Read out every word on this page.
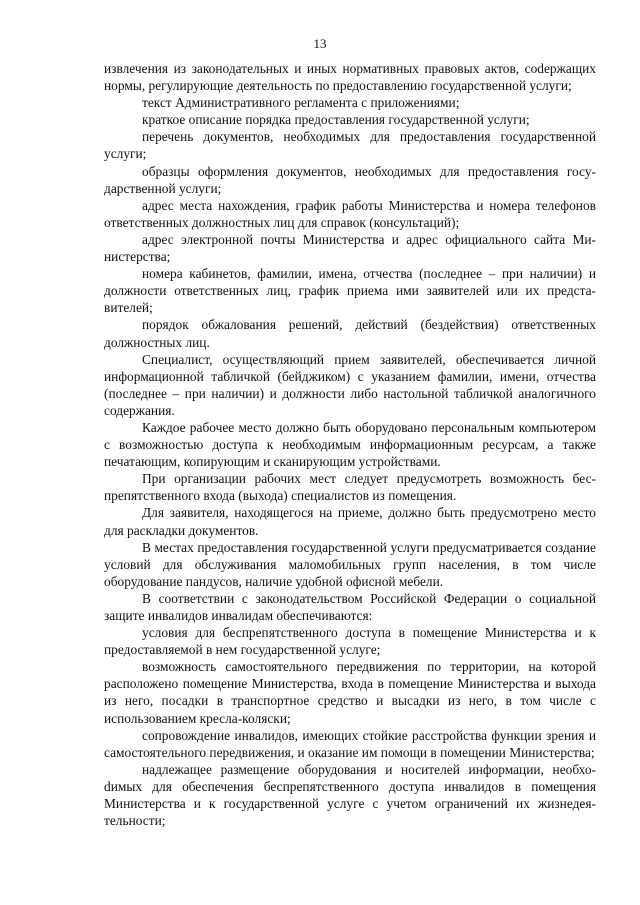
13

извлечения из законодательных и иных нормативных правовых актов, соdержащих нормы, регулирующие деятельность по предоставлению государственной услуги;

текст Административного регламента с приложениями;

краткое описание порядка предоставления государственной услуги;

перечень документов, необходимых для предоставления государственной услуги;

образцы оформления документов, необходимых для предоставления государственной услуги;

адрес места нахождения, график работы Министерства и номера телефонов ответственных должностных лиц для справок (консультаций);

адрес электронной почты Министерства и адрес официального сайта Министерства;

номера кабинетов, фамилии, имена, отчества (последнее – при наличии) и должности ответственных лиц, график приема ими заявителей или их представителей;

порядок обжалования решений, действий (бездействия) ответственных должностных лиц.

Специалист, осуществляющий прием заявителей, обеспечивается личной информационной табличкой (бейджиком) с указанием фамилии, имени, отчества (последнее – при наличии) и должности либо настольной табличкой аналогичного содержания.

Каждое рабочее место должно быть оборудовано персональным компьютером с возможностью доступа к необходимым информационным ресурсам, а также печатающим, копирующим и сканирующим устройствами.

При организации рабочих мест следует предусмотреть возможность беспрепятственного входа (выхода) специалистов из помещения.

Для заявителя, находящегося на приеме, должно быть предусмотрено место для раскладки документов.

В местах предоставления государственной услуги предусматривается создание условий для обслуживания маломобильных групп населения, в том числе оборудование пандусов, наличие удобной офисной мебели.

В соответствии с законодательством Российской Федерации о социальной защите инвалидов инвалидам обеспечиваются:

условия для беспрепятственного доступа в помещение Министерства и к предоставляемой в нем государственной услуге;

возможность самостоятельного передвижения по территории, на которой расположено помещение Министерства, входа в помещение Министерства и выхода из него, посадки в транспортное средство и высадки из него, в том числе с использованием кресла-коляски;

сопровождение инвалидов, имеющих стойкие расстройства функции зрения и самостоятельного передвижения, и оказание им помощи в помещении Министерства;

надлежащее размещение оборудования и носителей информации, необхоdимых для обеспечения беспрепятственного доступа инвалидов в помещения Министерства и к государственной услуге с учетом ограничений их жизнедеятельности;
